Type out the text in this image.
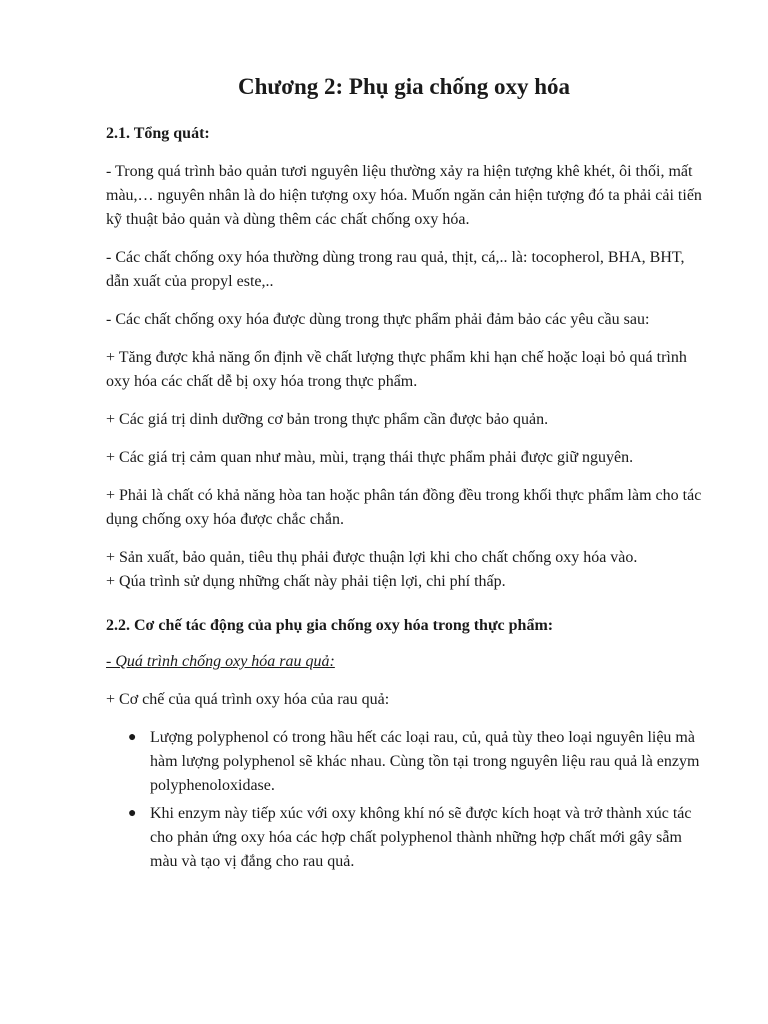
Chương 2: Phụ gia chống oxy hóa
2.1. Tổng quát:

- Trong quá trình bảo quản tươi nguyên liệu thường xảy ra hiện tượng khê khét, ôi thối, mất màu,… nguyên nhân là do hiện tượng oxy hóa. Muốn ngăn cản hiện tượng đó ta phải cải tiến kỹ thuật bảo quản và dùng thêm các chất chống oxy hóa.

- Các chất chống oxy hóa thường dùng trong rau quả, thịt, cá,.. là: tocopherol, BHA, BHT, dẫn xuất của propyl este,..

- Các chất chống oxy hóa được dùng trong thực phẩm phải đảm bảo các yêu cầu sau:

+ Tăng được khả năng ổn định về chất lượng thực phẩm khi hạn chế hoặc loại bỏ quá trình oxy hóa các chất dễ bị oxy hóa trong thực phẩm.

+ Các giá trị dinh dưỡng cơ bản trong thực phẩm cần được bảo quản.

+ Các giá trị cảm quan như màu, mùi, trạng thái thực phẩm phải được giữ nguyên.

+ Phải là chất có khả năng hòa tan hoặc phân tán đồng đều trong khối thực phẩm làm cho tác dụng chống oxy hóa được chắc chắn.

+ Sản xuất, bảo quản, tiêu thụ phải được thuận lợi khi cho chất chống oxy hóa vào.

+ Qúa trình sử dụng những chất này phải tiện lợi, chi phí thấp.

2.2. Cơ chế tác động của phụ gia chống oxy hóa trong thực phẩm:
- Quá trình chống oxy hóa rau quả:

+ Cơ chế của quá trình oxy hóa của rau quả:

● Lượng polyphenol có trong hầu hết các loại rau, củ, quả tùy theo loại nguyên liệu mà hàm lượng polyphenol sẽ khác nhau. Cùng tồn tại trong nguyên liệu rau quả là enzym polyphenoloxidase.
● Khi enzym này tiếp xúc với oxy không khí nó sẽ được kích hoạt và trở thành xúc tác cho phản ứng oxy hóa các hợp chất polyphenol thành những hợp chất mới gây sẫm màu và tạo vị đắng cho rau quả.
